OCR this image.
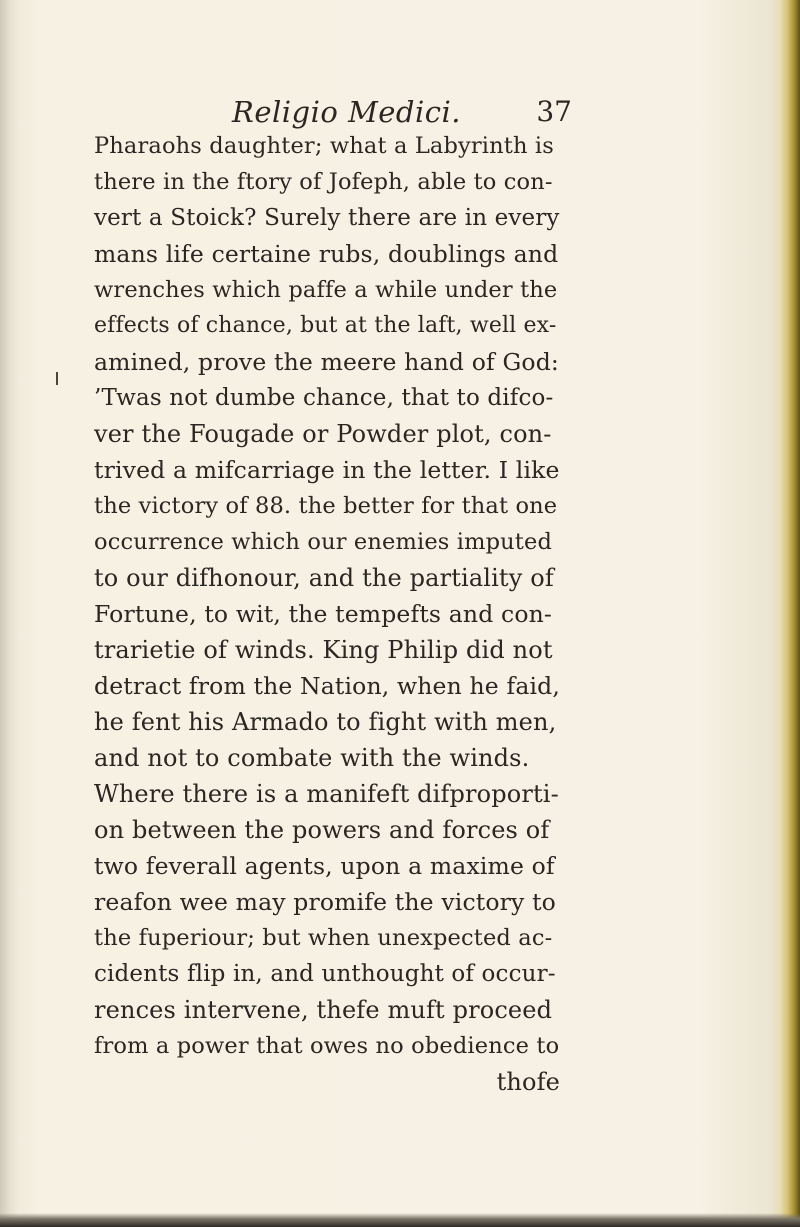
Religio Medici.	37
Pharaohs daughter; what a Labyrinth is
there in the ftory of Jofeph, able to con-
vert a Stoick? Surely there are in every
mans life certaine rubs, doublings and
wrenches which paffe a while under the
effects of chance, but at the laft, well ex-
amined, prove the meere hand of God:
’Twas not dumbe chance, that to difco-
ver the Fougade or Powder plot, con-
trived a mifcarriage in the letter. I like
the victory of 88. the better for that one
occurrence which our enemies imputed
to our difhonour, and the partiality of
Fortune, to wit, the tempefts and con-
trarietie of winds. King Philip did not
detract from the Nation, when he faid,
he fent his Armado to fight with men,
and not to combate with the winds.
Where there is a manifeft difproporti-
on between the powers and forces of
two feverall agents, upon a maxime of
reafon wee may promife the victory to
the fuperiour; but when unexpected ac-
cidents flip in, and unthought of occur-
rences intervene, thefe muft proceed
from a power that owes no obedience to
thofe
